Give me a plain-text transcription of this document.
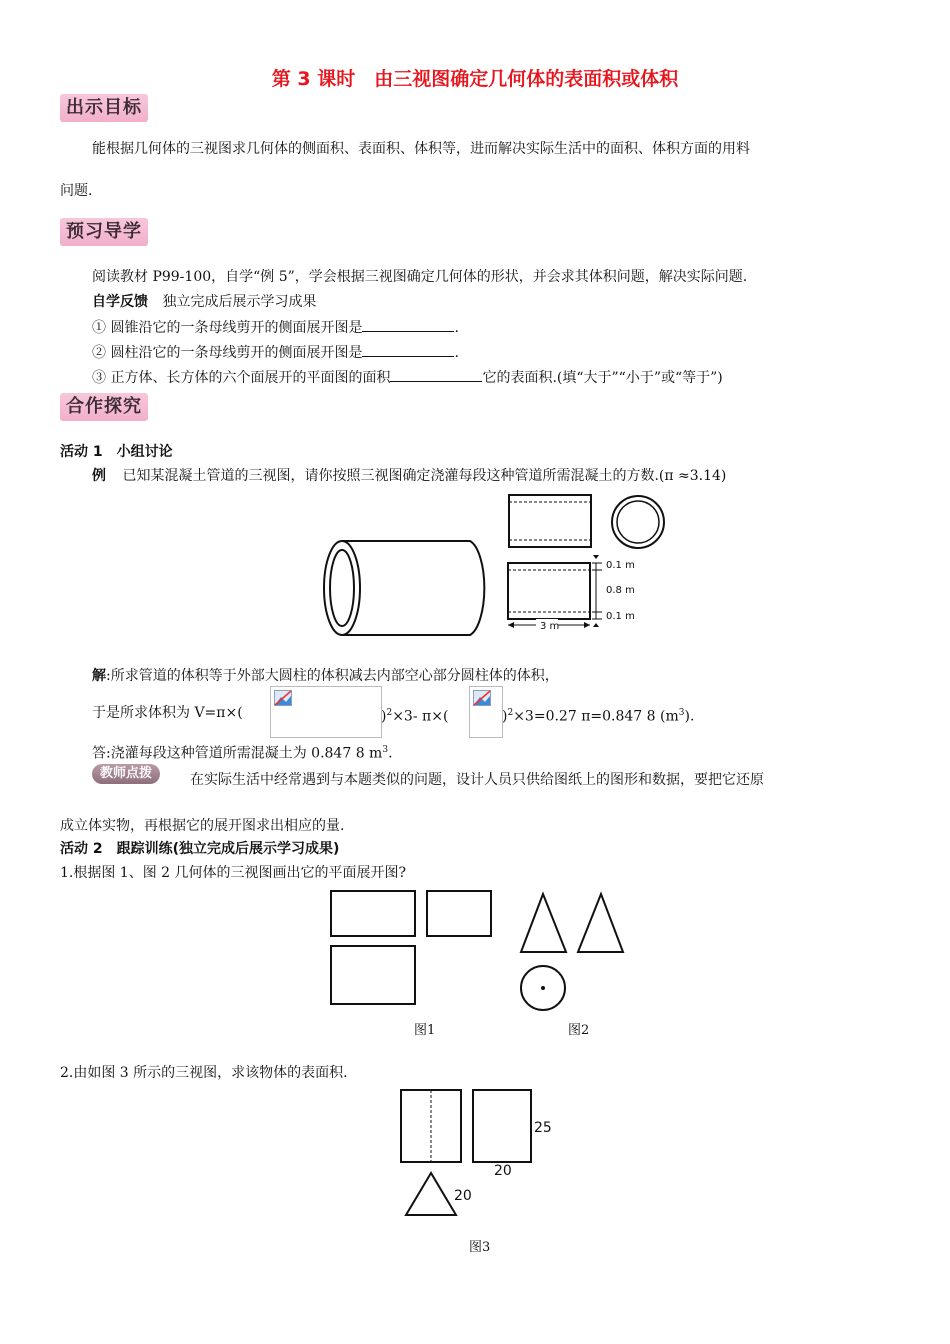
第 3 课时　由三视图确定几何体的表面积或体积
出示目标
能根据几何体的三视图求几何体的侧面积、表面积、体积等，进而解决实际生活中的面积、体积方面的用料
问题.
预习导学
阅读教材 P99-100，自学“例 5”，学会根据三视图确定几何体的形状，并会求其体积问题，解决实际问题.
自学反馈 独立完成后展示学习成果
① 圆锥沿它的一条母线剪开的侧面展开图是	.
② 圆柱沿它的一条母线剪开的侧面展开图是	.
③ 正方体、长方体的六个面展开的平面图的面积	它的表面积.(填“大于”“小于”或“等于”)
合作探究
活动 1　小组讨论
例 已知某混凝土管道的三视图，请你按照三视图确定浇灌每段这种管道所需混凝土的方数.(π ≈3.14)
0.1 m
0.8 m
0.1 m
3 m
解:所求管道的体积等于外部大圆柱的体积减去内部空心部分圆柱体的体积，
于是所求体积为 V=π×(	)$^2$×3- π×(	)$^2$×3=0.27 π=0.847 8 $(m^3)$.
答:浇灌每段这种管道所需混凝土为 0.847 8 $m^3$.
教师点拨	在实际生活中经常遇到与本题类似的问题，设计人员只供给图纸上的图形和数据，要把它还原
成立体实物，再根据它的展开图求出相应的量.
活动 2　跟踪训练(独立完成后展示学习成果)
1.根据图 1、图 2 几何体的三视图画出它的平面展开图?
图1	图2
2.由如图 3 所示的三视图，求该物体的表面积.
25
20
20
图3
